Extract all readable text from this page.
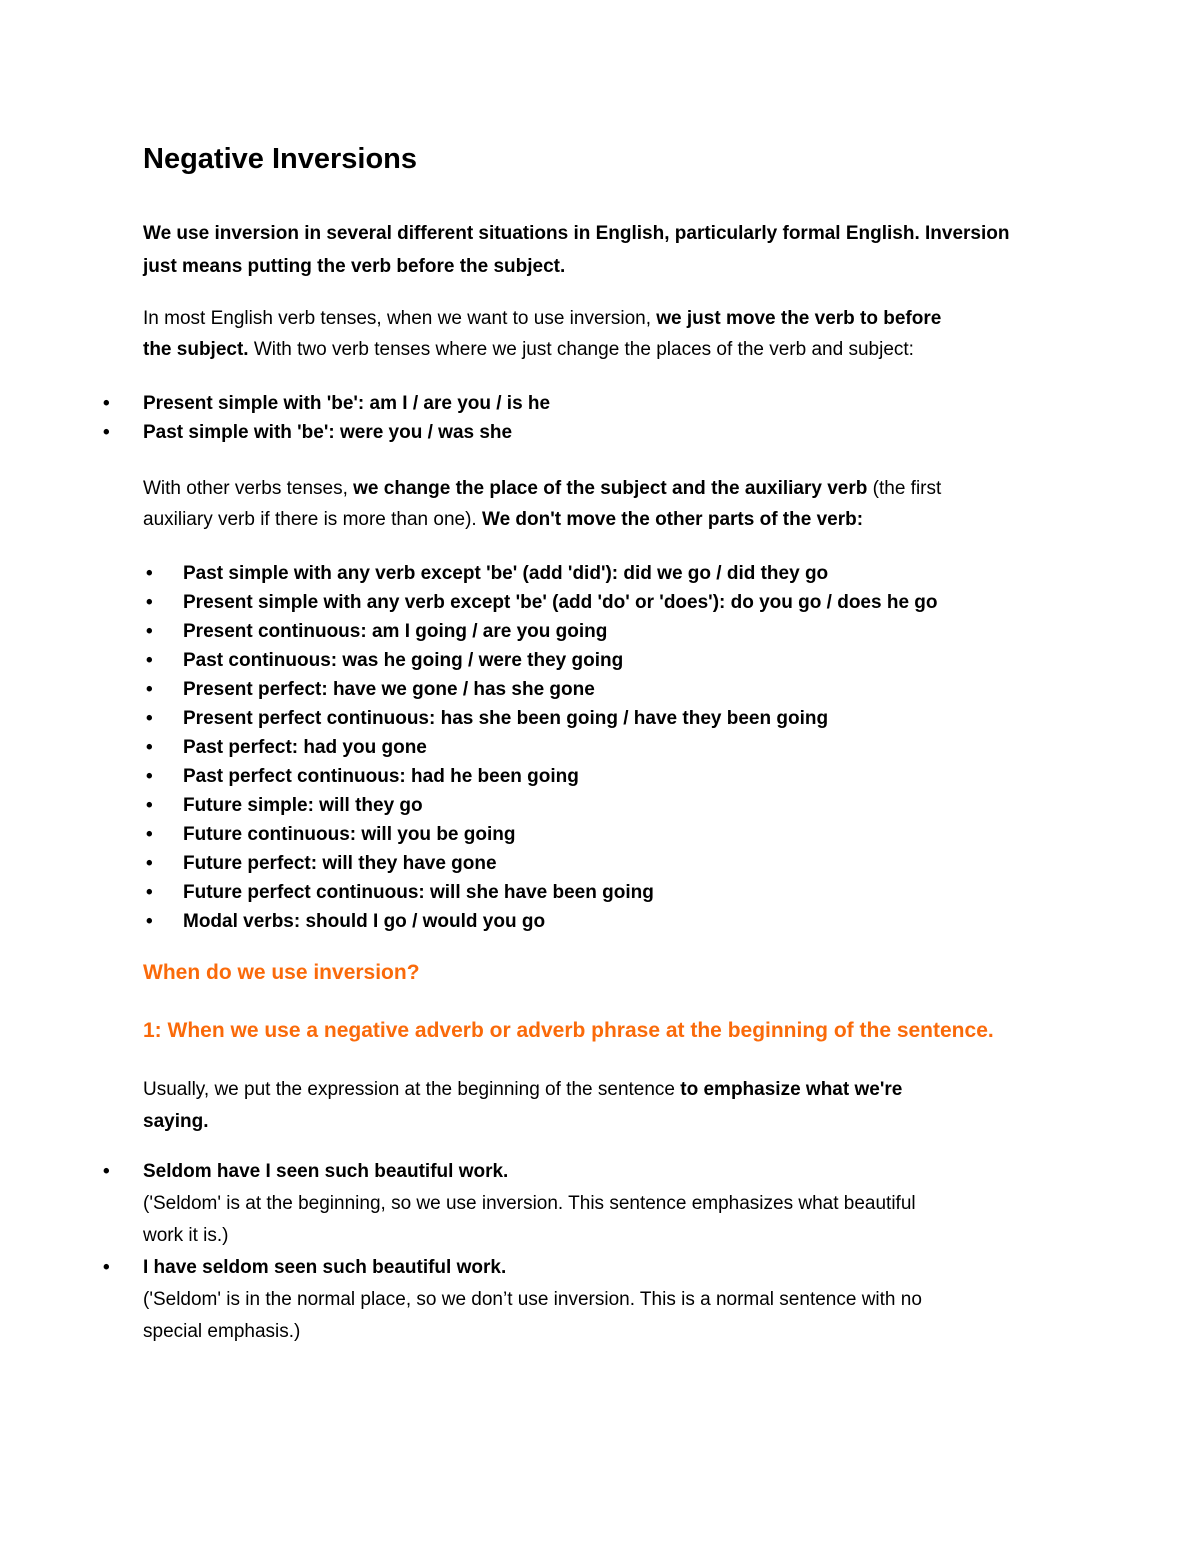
Negative Inversions

We use inversion in several different situations in English, particularly formal English. Inversion
just means putting the verb before the subject.

In most English verb tenses, when we want to use inversion, we just move the verb to before
the subject. With two verb tenses where we just change the places of the verb and subject:

• Present simple with 'be': am I / are you / is he
• Past simple with 'be': were you / was she

With other verbs tenses, we change the place of the subject and the auxiliary verb (the first
auxiliary verb if there is more than one). We don't move the other parts of the verb:

• Past simple with any verb except 'be' (add 'did'): did we go / did they go
• Present simple with any verb except 'be' (add 'do' or 'does'): do you go / does he go
• Present continuous: am I going / are you going
• Past continuous: was he going / were they going
• Present perfect: have we gone / has she gone
• Present perfect continuous: has she been going / have they been going
• Past perfect: had you gone
• Past perfect continuous: had he been going
• Future simple: will they go
• Future continuous: will you be going
• Future perfect: will they have gone
• Future perfect continuous: will she have been going
• Modal verbs: should I go / would you go
When do we use inversion?
1: When we use a negative adverb or adverb phrase at the beginning of the sentence.

Usually, we put the expression at the beginning of the sentence to emphasize what we're
saying.

• Seldom have I seen such beautiful work.
('Seldom' is at the beginning, so we use inversion. This sentence emphasizes what beautiful
work it is.)
• I have seldom seen such beautiful work.
('Seldom' is in the normal place, so we don’t use inversion. This is a normal sentence with no
special emphasis.)
